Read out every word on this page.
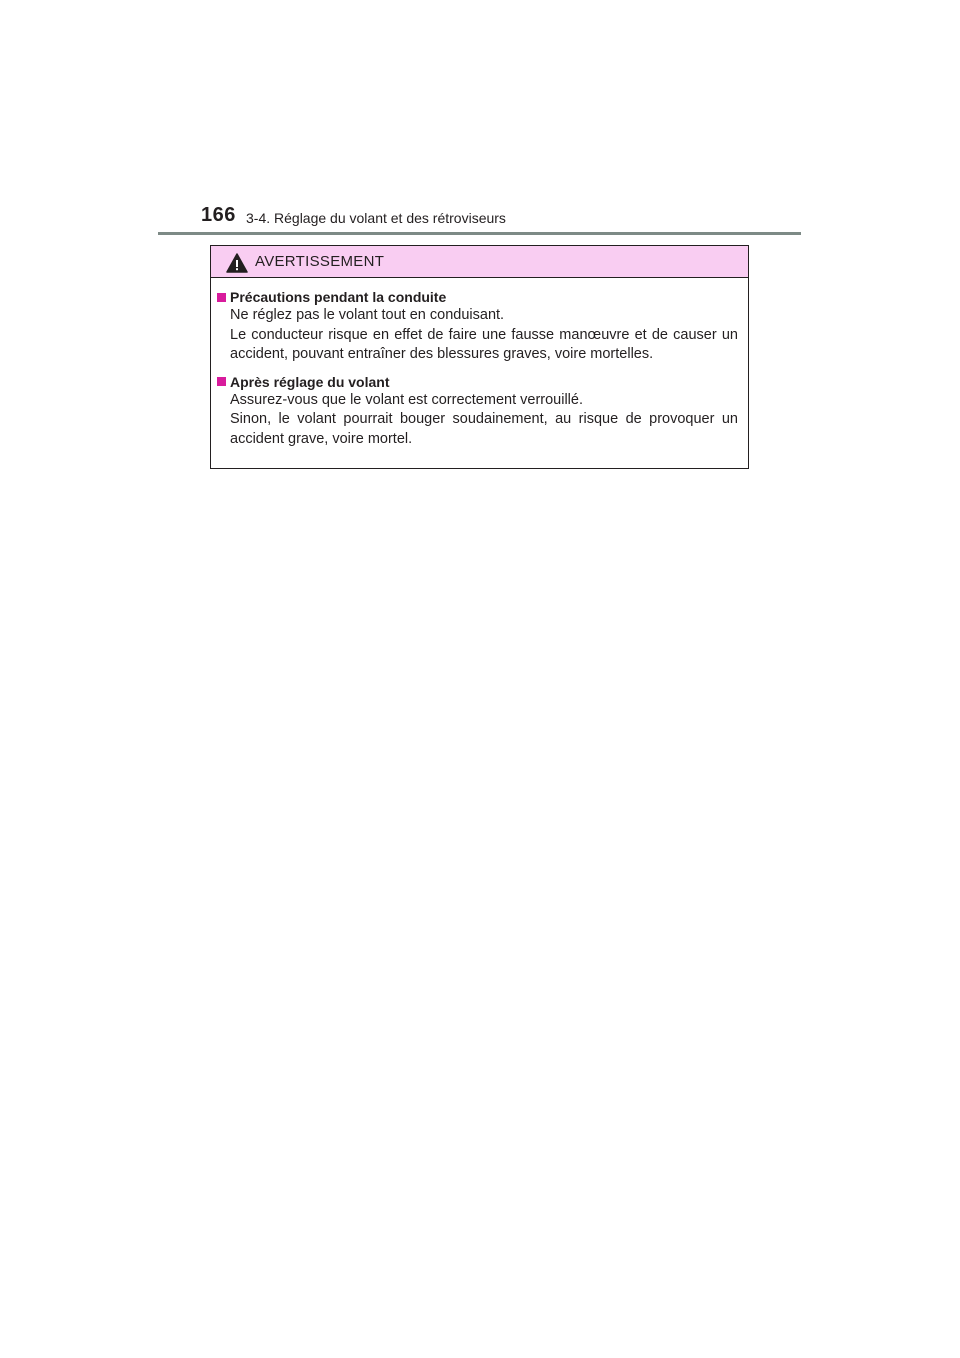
166 3-4. Réglage du volant et des rétroviseurs
AVERTISSEMENT
Précautions pendant la conduite
Ne réglez pas le volant tout en conduisant.
Le conducteur risque en effet de faire une fausse manœuvre et de causer un accident, pouvant entraîner des blessures graves, voire mortelles.
Après réglage du volant
Assurez-vous que le volant est correctement verrouillé.
Sinon, le volant pourrait bouger soudainement, au risque de provoquer un accident grave, voire mortel.
